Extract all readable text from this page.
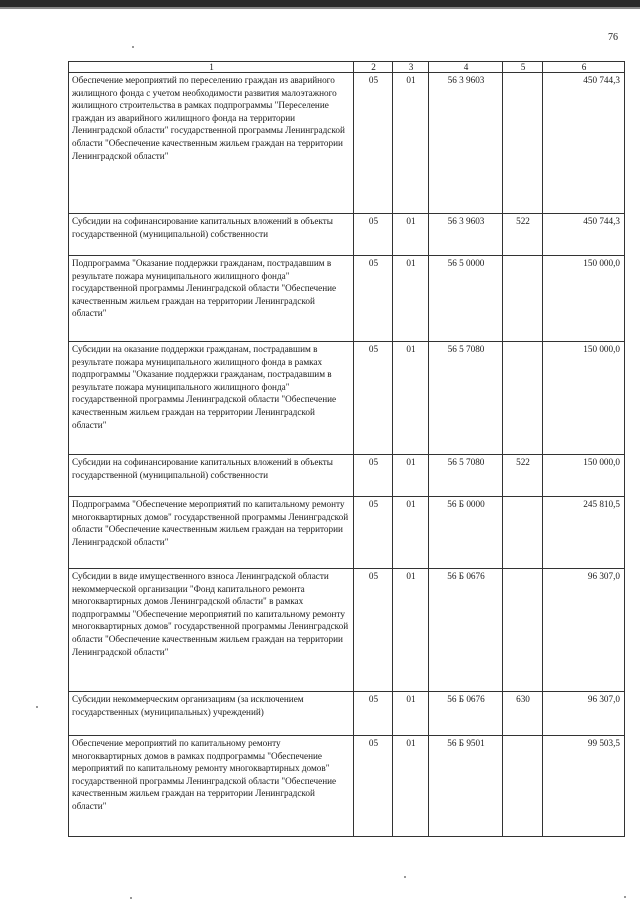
76
1	2	3	4	5	6
Обеспечение мероприятий по переселению граждан из аварийного жилищного фонда с учетом необходимости развития малоэтажного жилищного строительства в рамках подпрограммы "Переселение граждан из аварийного жилищного фонда на территории Ленинградской области" государственной программы Ленинградской области "Обеспечение качественным жильем граждан на территории Ленинградской области"	05	01	56 3 9603		450 744,3
Субсидии на софинансирование капитальных вложений в объекты государственной (муниципальной) собственности	05	01	56 3 9603	522	450 744,3
Подпрограмма "Оказание поддержки гражданам, пострадавшим в результате пожара муниципального жилищного фонда" государственной программы Ленинградской области "Обеспечение качественным жильем граждан на территории Ленинградской области"	05	01	56 5 0000		150 000,0
Субсидии на оказание поддержки гражданам, пострадавшим в результате пожара муниципального жилищного фонда в рамках подпрограммы "Оказание поддержки гражданам, пострадавшим в результате пожара муниципального жилищного фонда" государственной программы Ленинградской области "Обеспечение качественным жильем граждан на территории Ленинградской области"	05	01	56 5 7080		150 000,0
Субсидии на софинансирование капитальных вложений в объекты государственной (муниципальной) собственности	05	01	56 5 7080	522	150 000,0
Подпрограмма "Обеспечение мероприятий по капитальному ремонту многоквартирных домов" государственной программы Ленинградской области "Обеспечение качественным жильем граждан на территории Ленинградской области"	05	01	56 Б 0000		245 810,5
Субсидии в виде имущественного взноса Ленинградской области некоммерческой организации "Фонд капитального ремонта многоквартирных домов Ленинградской области" в рамках подпрограммы "Обеспечение мероприятий по капитальному ремонту многоквартирных домов" государственной программы Ленинградской области "Обеспечение качественным жильем граждан на территории Ленинградской области"	05	01	56 Б 0676		96 307,0
Субсидии некоммерческим организациям (за исключением государственных (муниципальных) учреждений)	05	01	56 Б 0676	630	96 307,0
Обеспечение мероприятий по капитальному ремонту многоквартирных домов в рамках подпрограммы "Обеспечение мероприятий по капитальному ремонту многоквартирных домов" государственной программы Ленинградской области "Обеспечение качественным жильем граждан на территории Ленинградской области"	05	01	56 Б 9501		99 503,5
